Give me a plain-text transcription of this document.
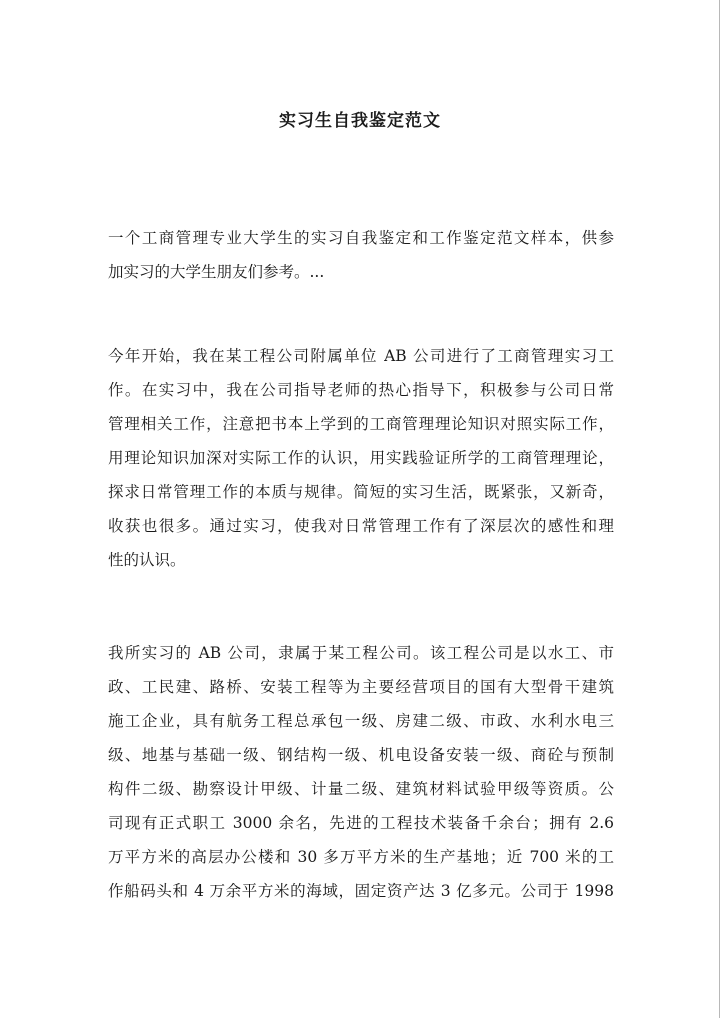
实习生自我鉴定范文
一个工商管理专业大学生的实习自我鉴定和工作鉴定范文样本，供参
加实习的大学生朋友们参考。...
今年开始，我在某工程公司附属单位 AB 公司进行了工商管理实习工
作。在实习中，我在公司指导老师的热心指导下，积极参与公司日常
管理相关工作，注意把书本上学到的工商管理理论知识对照实际工作，
用理论知识加深对实际工作的认识，用实践验证所学的工商管理理论，
探求日常管理工作的本质与规律。简短的实习生活，既紧张，又新奇，
收获也很多。通过实习，使我对日常管理工作有了深层次的感性和理
性的认识。
我所实习的 AB 公司，隶属于某工程公司。该工程公司是以水工、市
政、工民建、路桥、安装工程等为主要经营项目的国有大型骨干建筑
施工企业，具有航务工程总承包一级、房建二级、市政、水利水电三
级、地基与基础一级、钢结构一级、机电设备安装一级、商砼与预制
构件二级、勘察设计甲级、计量二级、建筑材料试验甲级等资质。公
司现有正式职工 3000 余名，先进的工程技术装备千余台；拥有 2.6
万平方米的高层办公楼和 30 多万平方米的生产基地；近 700 米的工
作船码头和 4 万余平方米的海域，固定资产达 3 亿多元。公司于 1998
